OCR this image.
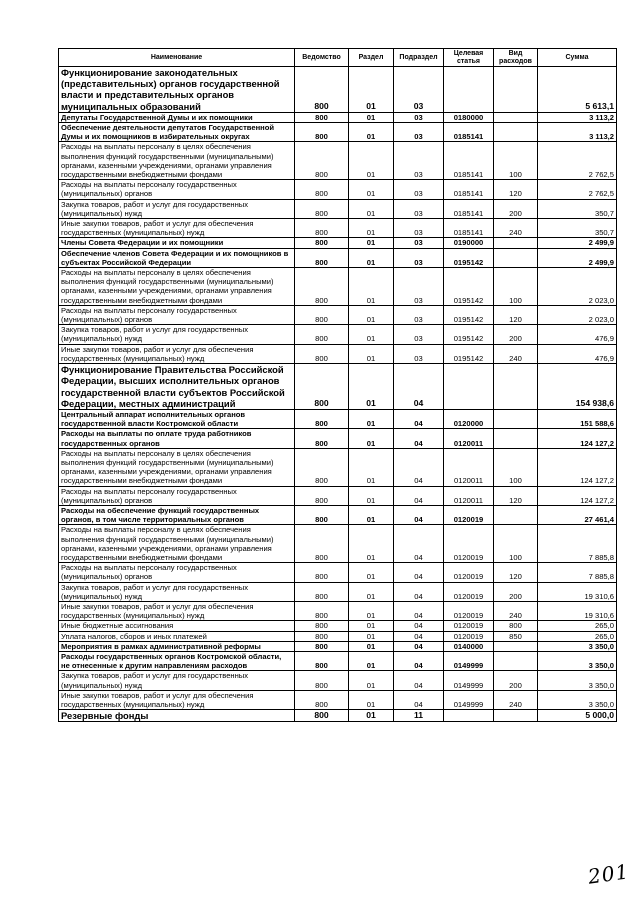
Наименование	Ведомство	Раздел	Подраздел	Целевая статья	Вид расходов	Сумма
Функционирование законодательных (представительных) органов государственной власти и представительных органов муниципальных образований	800	01	03			5 613,1
Депутаты Государственной Думы и их помощники	800	01	03	0180000		3 113,2
Обеспечение деятельности депутатов Государственной Думы и их помощников в избирательных округах	800	01	03	0185141		3 113,2
Расходы на выплаты персоналу в целях обеспечения выполнения функций государственными (муниципальными) органами, казенными учреждениями, органами управления государственными внебюджетными фондами	800	01	03	0185141	100	2 762,5
Расходы на выплаты персоналу государственных (муниципальных) органов	800	01	03	0185141	120	2 762,5
Закупка товаров, работ и услуг для государственных (муниципальных) нужд	800	01	03	0185141	200	350,7
Иные закупки товаров, работ и услуг для обеспечения государственных (муниципальных) нужд	800	01	03	0185141	240	350,7
Члены Совета Федерации и их помощники	800	01	03	0190000		2 499,9
Обеспечение членов Совета Федерации и их помощников в субъектах Российской Федерации	800	01	03	0195142		2 499,9
Расходы на выплаты персоналу в целях обеспечения выполнения функций государственными (муниципальными) органами, казенными учреждениями, органами управления государственными внебюджетными фондами	800	01	03	0195142	100	2 023,0
Расходы на выплаты персоналу государственных (муниципальных) органов	800	01	03	0195142	120	2 023,0
Закупка товаров, работ и услуг для государственных (муниципальных) нужд	800	01	03	0195142	200	476,9
Иные закупки товаров, работ и услуг для обеспечения государственных (муниципальных) нужд	800	01	03	0195142	240	476,9
Функционирование Правительства Российской Федерации, высших исполнительных органов государственной власти субъектов Российской Федерации, местных администраций	800	01	04			154 938,6
Центральный аппарат исполнительных органов государственной власти Костромской области	800	01	04	0120000		151 588,6
Расходы на выплаты по оплате труда работников государственных органов	800	01	04	0120011		124 127,2
Расходы на выплаты персоналу в целях обеспечения выполнения функций государственными (муниципальными) органами, казенными учреждениями, органами управления государственными внебюджетными фондами	800	01	04	0120011	100	124 127,2
Расходы на выплаты персоналу государственных (муниципальных) органов	800	01	04	0120011	120	124 127,2
Расходы на обеспечение функций государственных органов, в том числе территориальных органов	800	01	04	0120019		27 461,4
Расходы на выплаты персоналу в целях обеспечения выполнения функций государственными (муниципальными) органами, казенными учреждениями, органами управления государственными внебюджетными фондами	800	01	04	0120019	100	7 885,8
Расходы на выплаты персоналу государственных (муниципальных) органов	800	01	04	0120019	120	7 885,8
Закупка товаров, работ и услуг для государственных (муниципальных) нужд	800	01	04	0120019	200	19 310,6
Иные закупки товаров, работ и услуг для обеспечения государственных (муниципальных) нужд	800	01	04	0120019	240	19 310,6
Иные бюджетные ассигнования	800	01	04	0120019	800	265,0
Уплата налогов, сборов и иных платежей	800	01	04	0120019	850	265,0
Мероприятия в рамках административной реформы	800	01	04	0140000		3 350,0
Расходы государственных органов Костромской области, не отнесенные к другим направлениям расходов	800	01	04	0149999		3 350,0
Закупка товаров, работ и услуг для государственных (муниципальных) нужд	800	01	04	0149999	200	3 350,0
Иные закупки товаров, работ и услуг для обеспечения государственных (муниципальных) нужд	800	01	04	0149999	240	3 350,0
Резервные фонды	800	01	11			5 000,0
201
